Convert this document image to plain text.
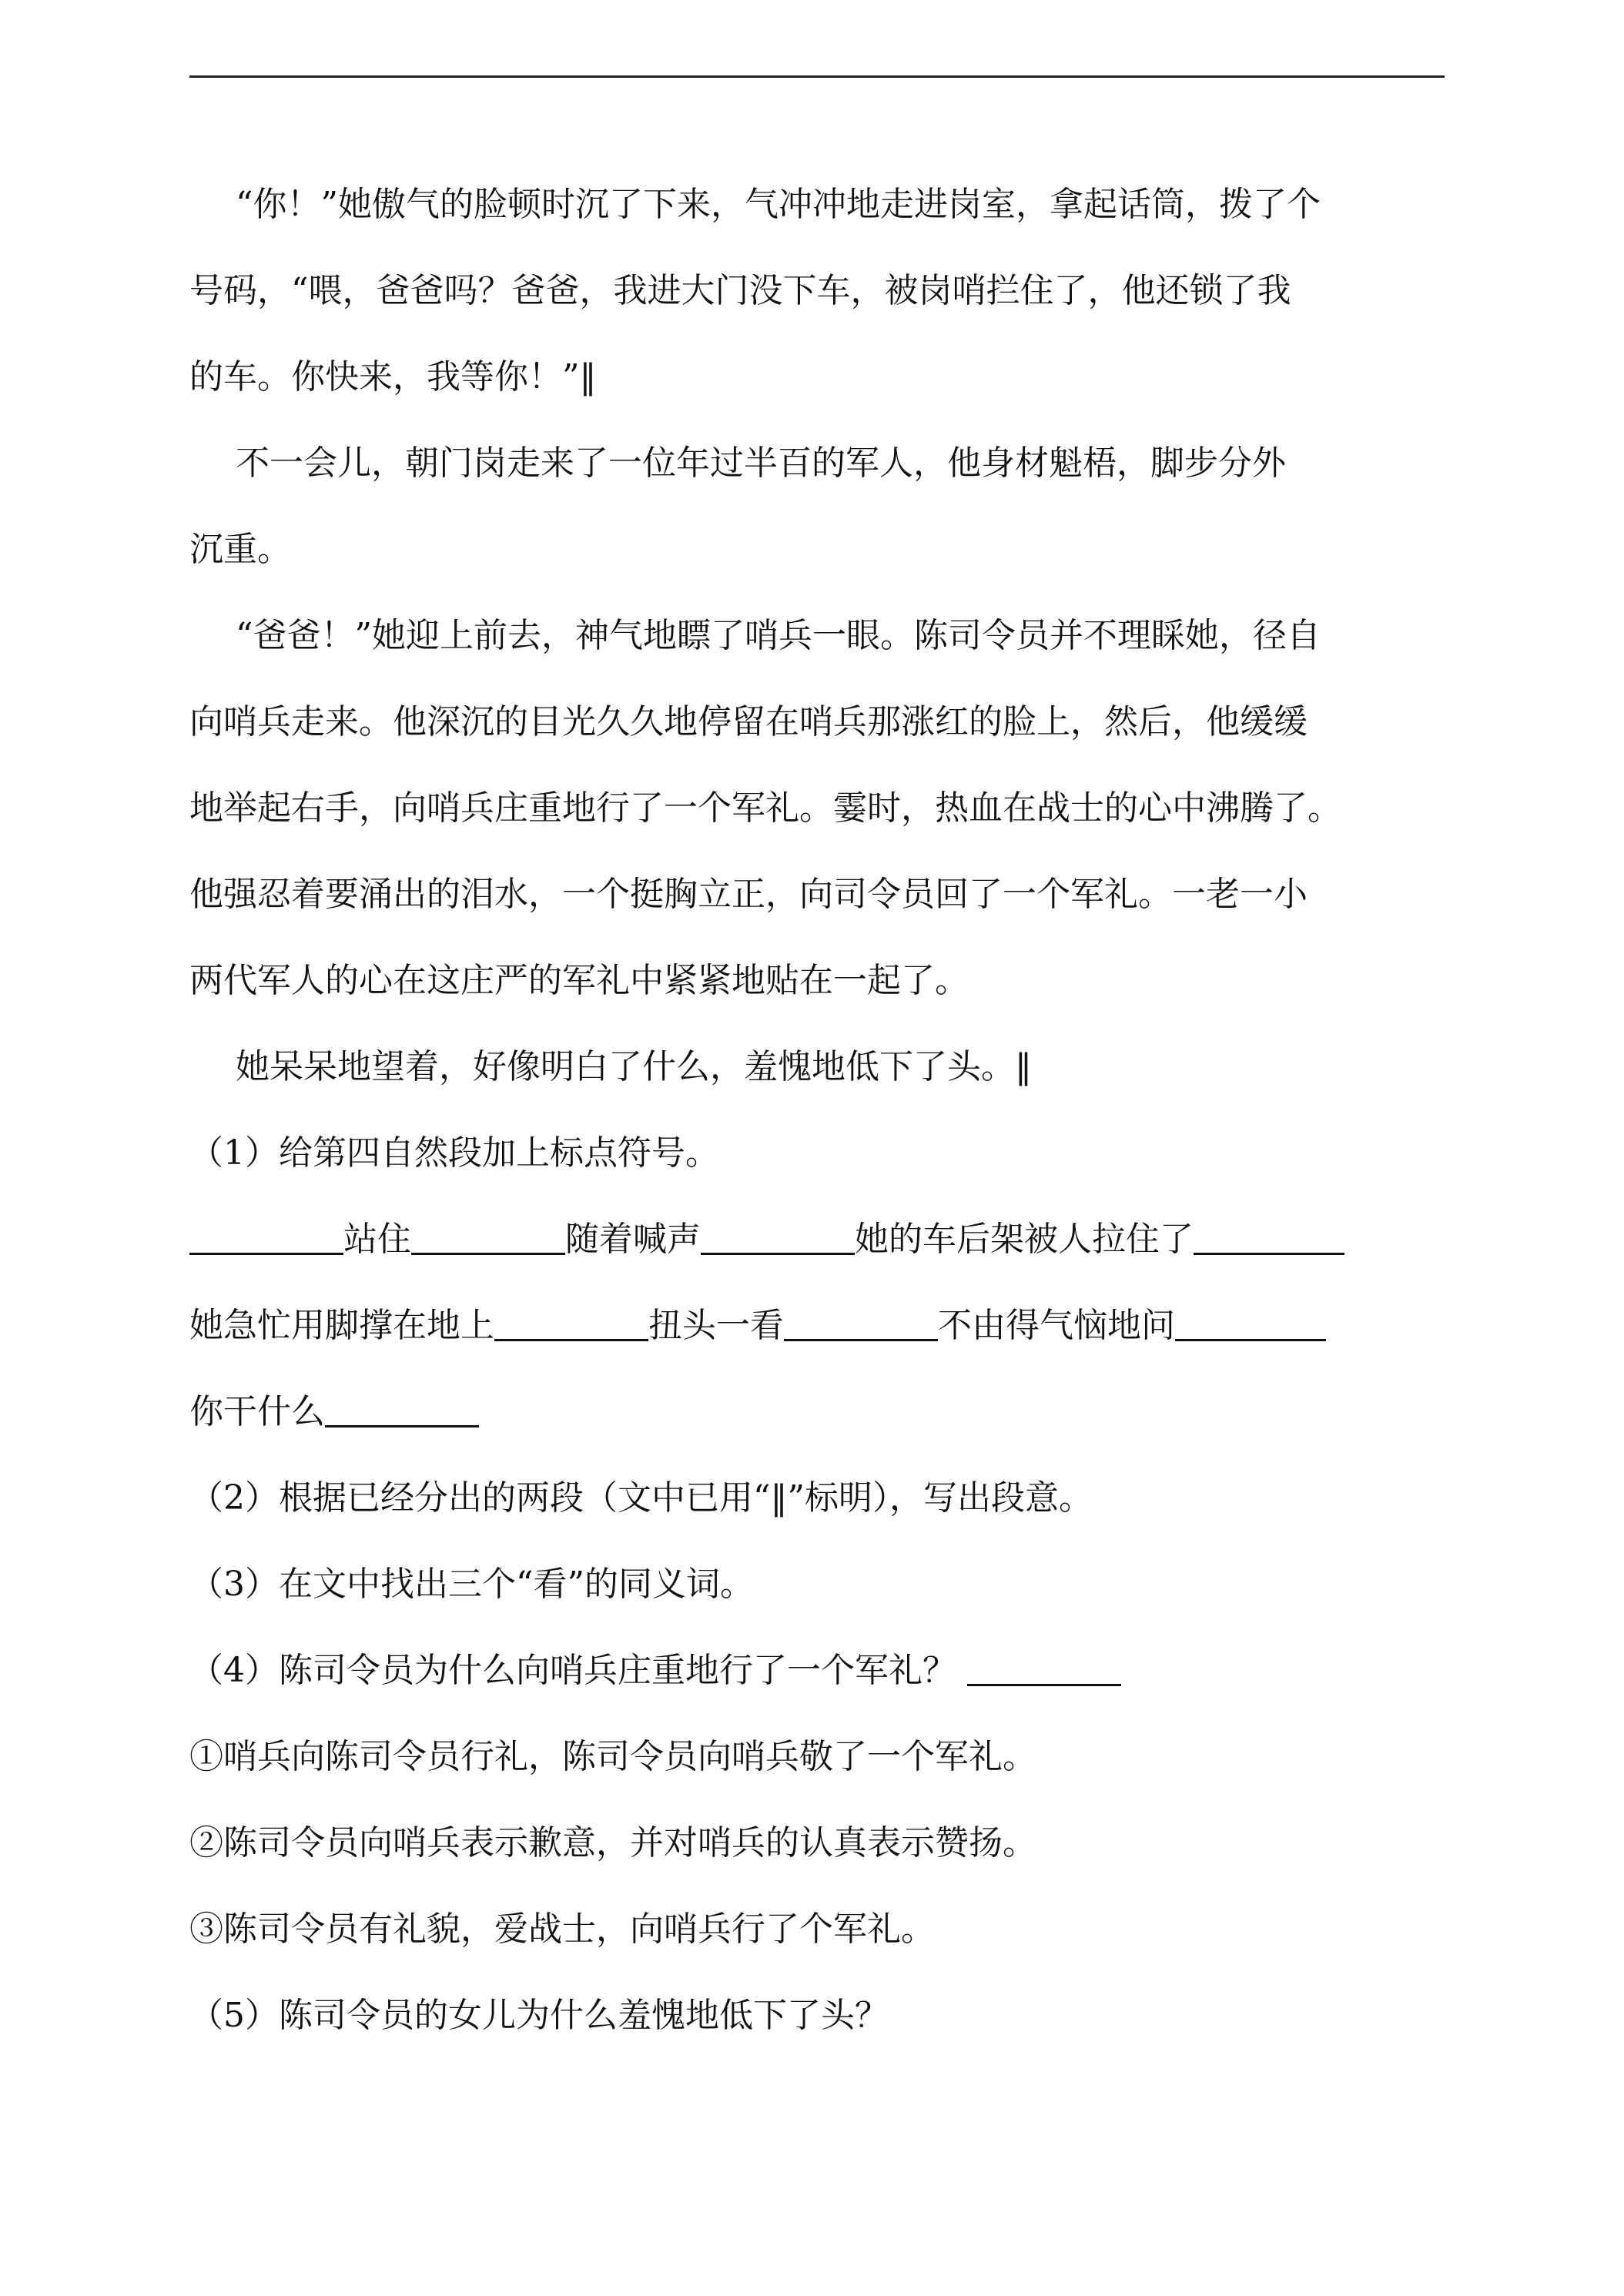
“你！”她傲气的脸顿时沉了下来，气冲冲地走进岗室，拿起话筒，拨了个
号码，“喂，爸爸吗？爸爸，我进大门没下车，被岗哨拦住了，他还锁了我
的车。你快来，我等你！”‖
不一会儿，朝门岗走来了一位年过半百的军人，他身材魁梧，脚步分外
沉重。
“爸爸！”她迎上前去，神气地瞟了哨兵一眼。陈司令员并不理睬她，径自
向哨兵走来。他深沉的目光久久地停留在哨兵那涨红的脸上，然后，他缓缓
地举起右手，向哨兵庄重地行了一个军礼。霎时，热血在战士的心中沸腾了。
他强忍着要涌出的泪水，一个挺胸立正，向司令员回了一个军礼。一老一小
两代军人的心在这庄严的军礼中紧紧地贴在一起了。
她呆呆地望着，好像明白了什么，羞愧地低下了头。‖
（1）给第四自然段加上标点符号。
站住	随着喊声	她的车后架被人拉住了
她急忙用脚撑在地上	扭头一看	不由得气恼地问
你干什么
（2）根据已经分出的两段（文中已用“‖”标明），写出段意。
（3）在文中找出三个“看”的同义词。
（4）陈司令员为什么向哨兵庄重地行了一个军礼？
①哨兵向陈司令员行礼，陈司令员向哨兵敬了一个军礼。
②陈司令员向哨兵表示歉意，并对哨兵的认真表示赞扬。
③陈司令员有礼貌，爱战士，向哨兵行了个军礼。
（5）陈司令员的女儿为什么羞愧地低下了头？
